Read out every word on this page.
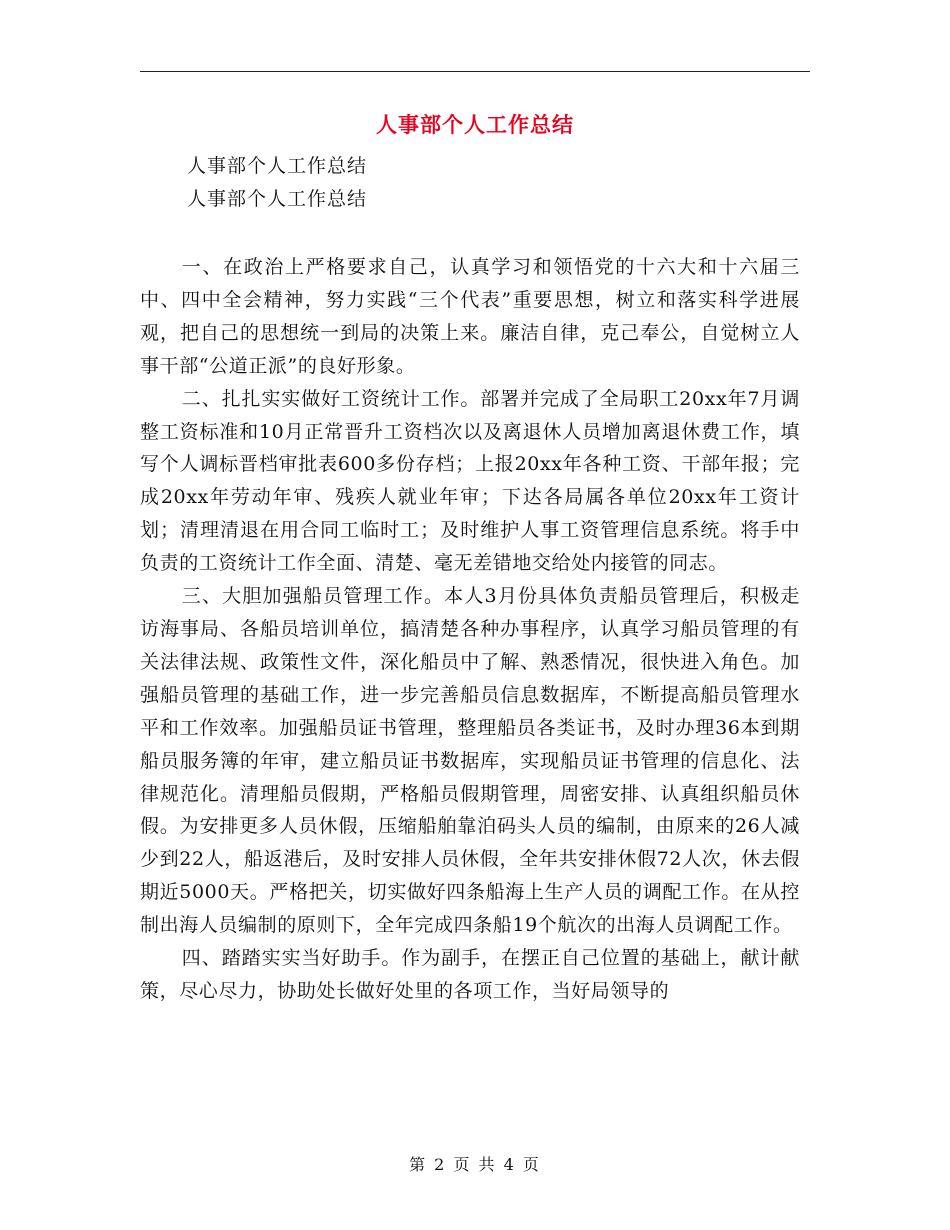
人事部个人工作总结
人事部个人工作总结
人事部个人工作总结

一、在政治上严格要求自己，认真学习和领悟党的十六大和十六届三中、四中全会精神，努力实践“三个代表”重要思想，树立和落实科学进展观，把自己的思想统一到局的决策上来。廉洁自律，克己奉公，自觉树立人事干部“公道正派”的良好形象。

二、扎扎实实做好工资统计工作。部署并完成了全局职工20xx年7月调整工资标准和10月正常晋升工资档次以及离退休人员增加离退休费工作，填写个人调标晋档审批表600多份存档；上报20xx年各种工资、干部年报；完成20xx年劳动年审、残疾人就业年审；下达各局属各单位20xx年工资计划；清理清退在用合同工临时工；及时维护人事工资管理信息系统。将手中负责的工资统计工作全面、清楚、毫无差错地交给处内接管的同志。

三、大胆加强船员管理工作。本人3月份具体负责船员管理后，积极走访海事局、各船员培训单位，搞清楚各种办事程序，认真学习船员管理的有关法律法规、政策性文件，深化船员中了解、熟悉情况，很快进入角色。加强船员管理的基础工作，进一步完善船员信息数据库，不断提高船员管理水平和工作效率。加强船员证书管理，整理船员各类证书，及时办理36本到期船员服务簿的年审，建立船员证书数据库，实现船员证书管理的信息化、法律规范化。清理船员假期，严格船员假期管理，周密安排、认真组织船员休假。为安排更多人员休假，压缩船舶靠泊码头人员的编制，由原来的26人减少到22人，船返港后，及时安排人员休假，全年共安排休假72人次，休去假期近5000天。严格把关，切实做好四条船海上生产人员的调配工作。在从控制出海人员编制的原则下，全年完成四条船19个航次的出海人员调配工作。

四、踏踏实实当好助手。作为副手，在摆正自己位置的基础上，献计献策，尽心尽力，协助处长做好处里的各项工作，当好局领导的

第 2 页 共 4 页
